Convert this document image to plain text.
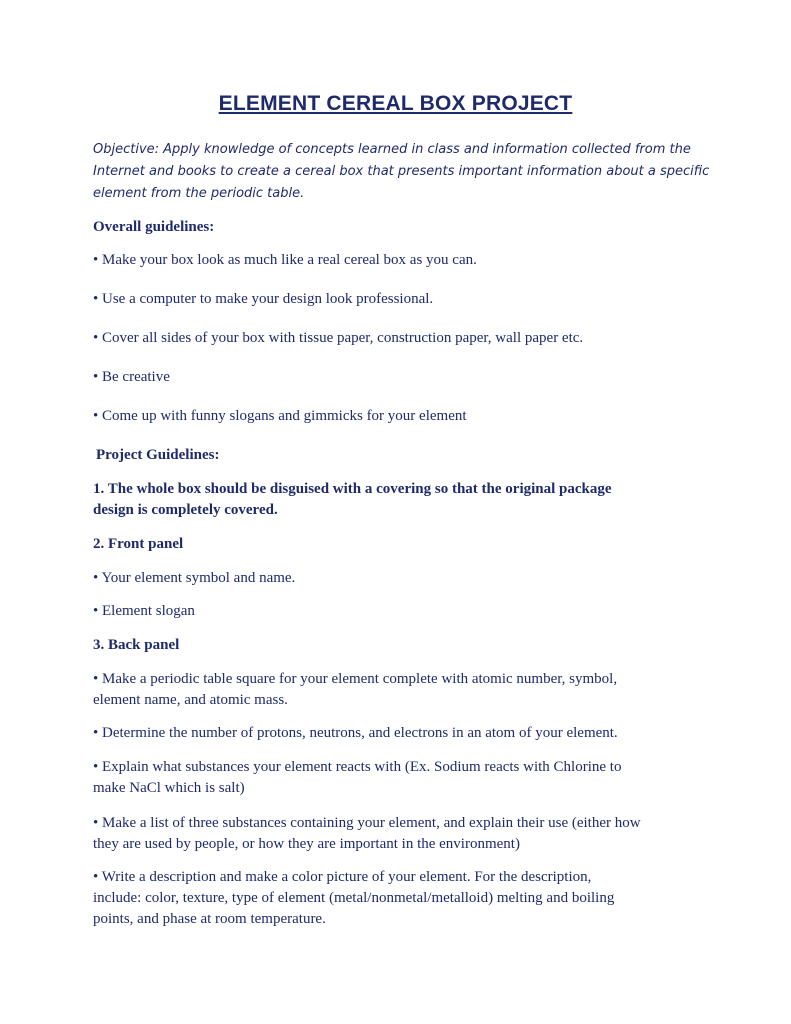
ELEMENT CEREAL BOX PROJECT
Objective: Apply knowledge of concepts learned in class and information collected from the
Internet and books to create a cereal box that presents important information about a specific
element from the periodic table.
Overall guidelines:
• Make your box look as much like a real cereal box as you can.
• Use a computer to make your design look professional.
• Cover all sides of your box with tissue paper, construction paper, wall paper etc.
• Be creative
• Come up with funny slogans and gimmicks for your element
Project Guidelines:
1. The whole box should be disguised with a covering so that the original package
design is completely covered.
2. Front panel
• Your element symbol and name.
• Element slogan
3. Back panel
• Make a periodic table square for your element complete with atomic number, symbol,
element name, and atomic mass.
• Determine the number of protons, neutrons, and electrons in an atom of your element.
• Explain what substances your element reacts with (Ex. Sodium reacts with Chlorine to
make NaCl which is salt)
• Make a list of three substances containing your element, and explain their use (either how
they are used by people, or how they are important in the environment)
• Write a description and make a color picture of your element. For the description,
include: color, texture, type of element (metal/nonmetal/metalloid) melting and boiling
points, and phase at room temperature.
